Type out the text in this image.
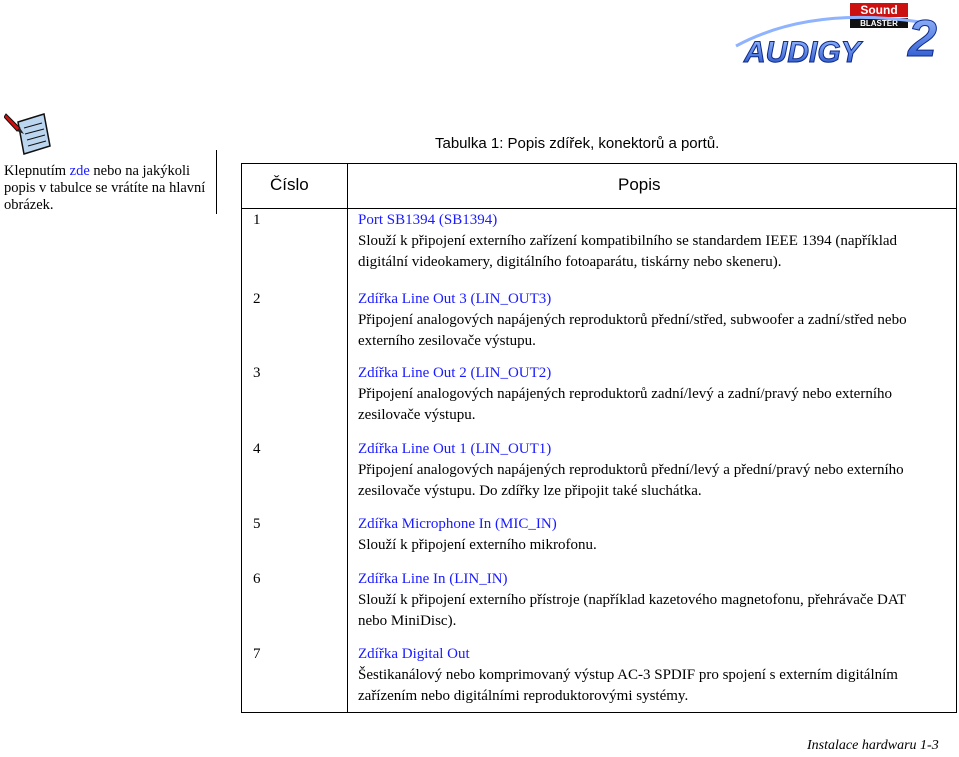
Sound
BLASTER
AUDIGY 2
Klepnutím zde nebo na jakýkoli popis v tabulce se vrátíte na hlavní obrázek.
Tabulka 1: Popis zdířek, konektorů a portů.
Číslo	Popis
1	Port SB1394 (SB1394)
Slouží k připojení externího zařízení kompatibilního se standardem IEEE 1394 (například digitální videokamery, digitálního fotoaparátu, tiskárny nebo skeneru).
2	Zdířka Line Out 3 (LIN_OUT3)
Připojení analogových napájených reproduktorů přední/střed, subwoofer a zadní/střed nebo externího zesilovače výstupu.
3	Zdířka Line Out 2 (LIN_OUT2)
Připojení analogových napájených reproduktorů zadní/levý a zadní/pravý nebo externího zesilovače výstupu.
4	Zdířka Line Out 1 (LIN_OUT1)
Připojení analogových napájených reproduktorů přední/levý a přední/pravý nebo externího zesilovače výstupu. Do zdířky lze připojit také sluchátka.
5	Zdířka Microphone In (MIC_IN)
Slouží k připojení externího mikrofonu.
6	Zdířka Line In (LIN_IN)
Slouží k připojení externího přístroje (například kazetového magnetofonu, přehrávače DAT nebo MiniDisc).
7	Zdířka Digital Out
Šestikanálový nebo komprimovaný výstup AC-3 SPDIF pro spojení s externím digitálním zařízením nebo digitálními reproduktorovými systémy.
Instalace hardwaru 1-3
